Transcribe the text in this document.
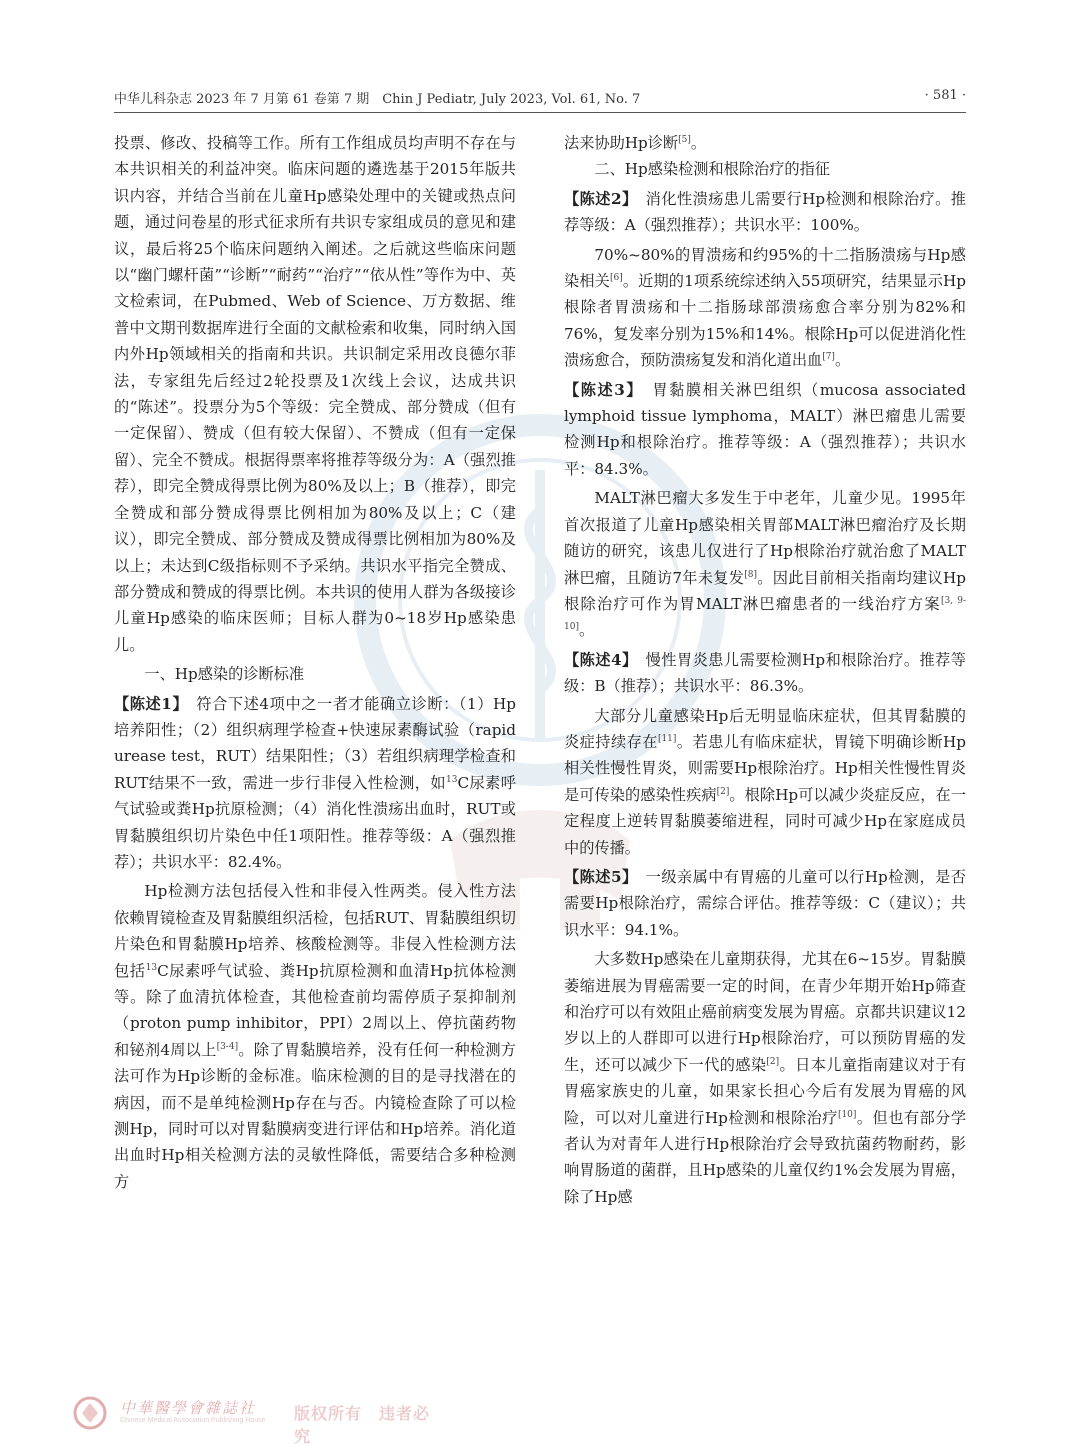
中华儿科杂志 2023 年 7 月第 61 卷第 7 期　Chin J Pediatr, July 2023, Vol. 61, No. 7	· 581 ·

投票、修改、投稿等工作。所有工作组成员均声明不存在与本共识相关的利益冲突。临床问题的遴选基于2015年版共识内容，并结合当前在儿童Hp感染处理中的关键或热点问题，通过问卷星的形式征求所有共识专家组成员的意见和建议，最后将25个临床问题纳入阐述。之后就这些临床问题以“幽门螺杆菌”“诊断”“耐药”“治疗”“依从性”等作为中、英文检索词，在Pubmed、Web of Science、万方数据、维普中文期刊数据库进行全面的文献检索和收集，同时纳入国内外Hp领域相关的指南和共识。共识制定采用改良德尔菲法，专家组先后经过2轮投票及1次线上会议，达成共识的“陈述”。投票分为5个等级：完全赞成、部分赞成（但有一定保留）、赞成（但有较大保留）、不赞成（但有一定保留）、完全不赞成。根据得票率将推荐等级分为：A（强烈推荐），即完全赞成得票比例为80%及以上；B（推荐），即完全赞成和部分赞成得票比例相加为80%及以上；C（建议），即完全赞成、部分赞成及赞成得票比例相加为80%及以上；未达到C级指标则不予采纳。共识水平指完全赞成、部分赞成和赞成的得票比例。本共识的使用人群为各级接诊儿童Hp感染的临床医师；目标人群为0~18岁Hp感染患儿。

一、Hp感染的诊断标准

【陈述1】　符合下述4项中之一者才能确立诊断：（1）Hp培养阳性；（2）组织病理学检查+快速尿素酶试验（rapid urease test，RUT）结果阳性；（3）若组织病理学检查和RUT结果不一致，需进一步行非侵入性检测，如$^{13}$C尿素呼气试验或粪Hp抗原检测；（4）消化性溃疡出血时，RUT或胃黏膜组织切片染色中任1项阳性。推荐等级：A（强烈推荐）；共识水平：82.4%。

Hp检测方法包括侵入性和非侵入性两类。侵入性方法依赖胃镜检查及胃黏膜组织活检，包括RUT、胃黏膜组织切片染色和胃黏膜Hp培养、核酸检测等。非侵入性检测方法包括$^{13}$C尿素呼气试验、粪Hp抗原检测和血清Hp抗体检测等。除了血清抗体检查，其他检查前均需停质子泵抑制剂（proton pump inhibitor，PPI）2周以上、停抗菌药物和铋剂4周以上[3-4]。除了胃黏膜培养，没有任何一种检测方法可作为Hp诊断的金标准。临床检测的目的是寻找潜在的病因，而不是单纯检测Hp存在与否。内镜检查除了可以检测Hp，同时可以对胃黏膜病变进行评估和Hp培养。消化道出血时Hp相关检测方法的灵敏性降低，需要结合多种检测方

法来协助Hp诊断[5]。

二、Hp感染检测和根除治疗的指征

【陈述2】　消化性溃疡患儿需要行Hp检测和根除治疗。推荐等级：A（强烈推荐）；共识水平：100%。

70%~80%的胃溃疡和约95%的十二指肠溃疡与Hp感染相关[6]。近期的1项系统综述纳入55项研究，结果显示Hp根除者胃溃疡和十二指肠球部溃疡愈合率分别为82%和76%，复发率分别为15%和14%。根除Hp可以促进消化性溃疡愈合，预防溃疡复发和消化道出血[7]。

【陈述3】　胃黏膜相关淋巴组织（mucosa associated lymphoid tissue lymphoma，MALT）淋巴瘤患儿需要检测Hp和根除治疗。推荐等级：A（强烈推荐）；共识水平：84.3%。

MALT淋巴瘤大多发生于中老年，儿童少见。1995年首次报道了儿童Hp感染相关胃部MALT淋巴瘤治疗及长期随访的研究，该患儿仅进行了Hp根除治疗就治愈了MALT淋巴瘤，且随访7年未复发[8]。因此目前相关指南均建议Hp根除治疗可作为胃MALT淋巴瘤患者的一线治疗方案[3, 9-10]。

【陈述4】　慢性胃炎患儿需要检测Hp和根除治疗。推荐等级：B（推荐）；共识水平：86.3%。

大部分儿童感染Hp后无明显临床症状，但其胃黏膜的炎症持续存在[11]。若患儿有临床症状，胃镜下明确诊断Hp相关性慢性胃炎，则需要Hp根除治疗。Hp相关性慢性胃炎是可传染的感染性疾病[2]。根除Hp可以减少炎症反应，在一定程度上逆转胃黏膜萎缩进程，同时可减少Hp在家庭成员中的传播。

【陈述5】　一级亲属中有胃癌的儿童可以行Hp检测，是否需要Hp根除治疗，需综合评估。推荐等级：C（建议）；共识水平：94.1%。

大多数Hp感染在儿童期获得，尤其在6~15岁。胃黏膜萎缩进展为胃癌需要一定的时间，在青少年期开始Hp筛查和治疗可以有效阻止癌前病变发展为胃癌。京都共识建议12岁以上的人群即可以进行Hp根除治疗，可以预防胃癌的发生，还可以减少下一代的感染[2]。日本儿童指南建议对于有胃癌家族史的儿童，如果家长担心今后有发展为胃癌的风险，可以对儿童进行Hp检测和根除治疗[10]。但也有部分学者认为对青年人进行Hp根除治疗会导致抗菌药物耐药，影响胃肠道的菌群，且Hp感染的儿童仅约1%会发展为胃癌，除了Hp感

中華醫學會雜誌社
Chinese Medical Association Publishing House 版权所有　违者必究
